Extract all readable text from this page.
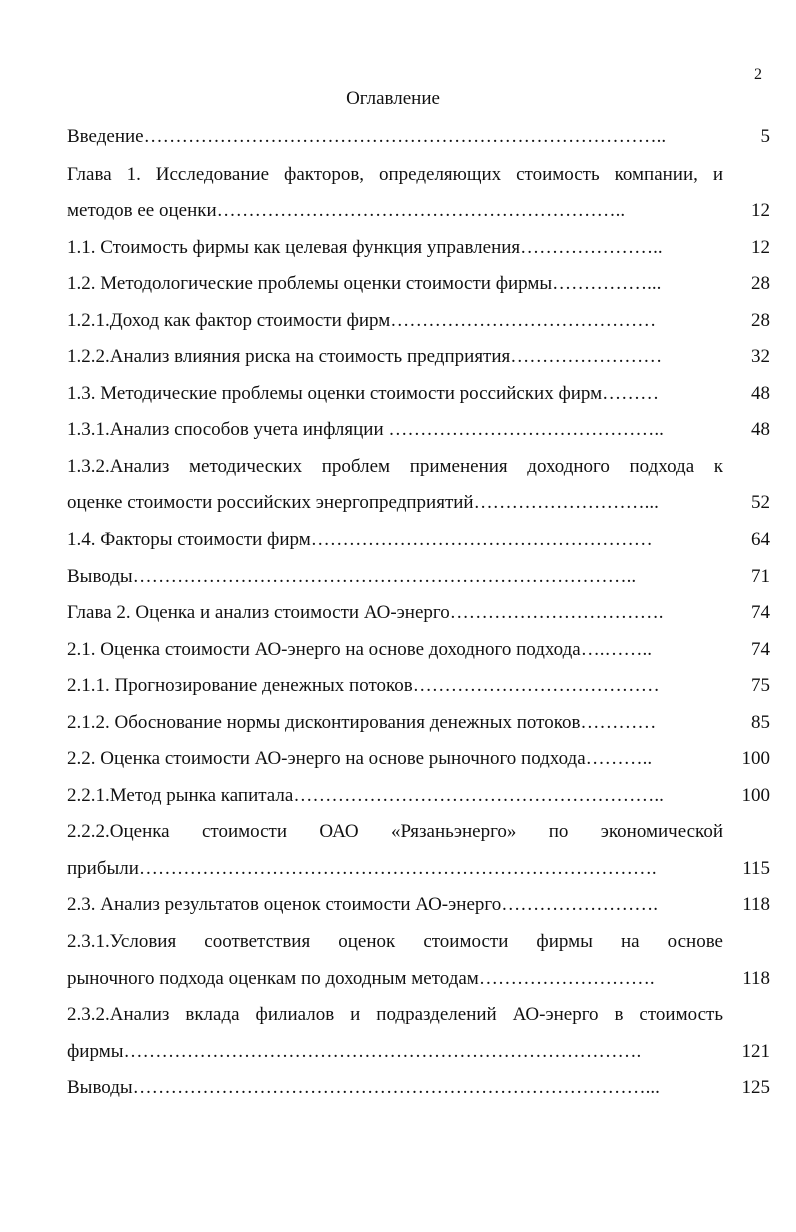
2
Оглавление
Введение………………………………………………………………………..	5
Глава 1. Исследование факторов, определяющих стоимость компании, и
методов ее оценки………………………………………………………..	12
1.1. Стоимость фирмы как целевая функция управления…………………..	12
1.2. Методологические проблемы оценки стоимости фирмы……………...	28
1.2.1.Доход как фактор стоимости фирм……………………………………	28
1.2.2.Анализ влияния риска на стоимость предприятия……………………	32
1.3. Методические проблемы оценки стоимости российских фирм………	48
1.3.1.Анализ способов учета инфляции ……………………………………..	48
1.3.2.Анализ методических проблем применения доходного подхода к
оценке стоимости российских энергопредприятий………………………...	52
1.4. Факторы стоимости фирм………………………………………………	64
Выводы……………………………………………………………………..	71
Глава 2. Оценка и анализ стоимости АО-энерго…………………………….	74
2.1. Оценка стоимости АО-энерго на основе доходного подхода….……..	74
2.1.1. Прогнозирование денежных потоков…………………………………	75
2.1.2. Обоснование нормы дисконтирования денежных потоков…………	85
2.2. Оценка стоимости АО-энерго на основе рыночного подхода………..	100
2.2.1.Метод рынка капитала…………………………………………………..	100
2.2.2.Оценка стоимости ОАО «Рязаньэнерго» по экономической
прибыли……………………………………………………………………….	115
2.3. Анализ результатов оценок стоимости АО-энерго…………………….	118
2.3.1.Условия соответствия оценок стоимости фирмы на основе
рыночного подхода оценкам по доходным методам……………………….	118
2.3.2.Анализ вклада филиалов и подразделений АО-энерго в стоимость
фирмы……………………………………………………………………….	121
Выводы………………………………………………………………………...	125
